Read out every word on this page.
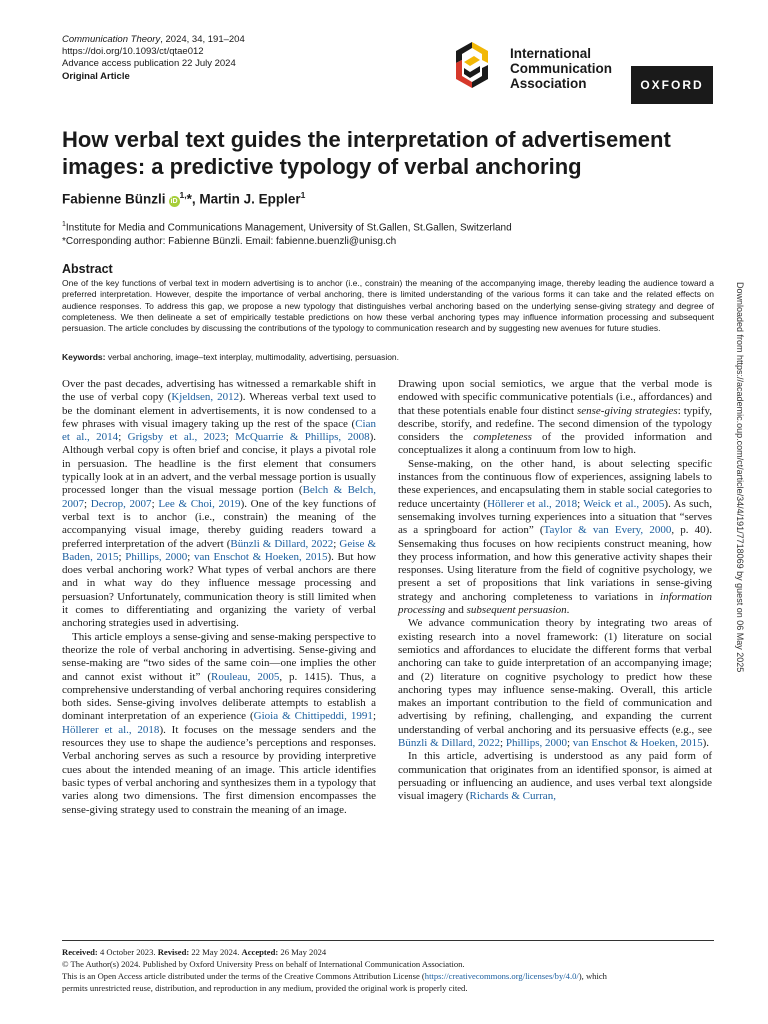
Communication Theory, 2024, 34, 191–204
https://doi.org/10.1093/ct/qtae012
Advance access publication 22 July 2024
Original Article
International
Communication
Association	OXFORD
How verbal text guides the interpretation of advertisement images: a predictive typology of verbal anchoring
Fabienne Bünzli $iD^{1,}*$, Martin J. Eppler$^1$
$^1$Institute for Media and Communications Management, University of St.Gallen, St.Gallen, Switzerland
*Corresponding author: Fabienne Bünzli. Email: fabienne.buenzli@unisg.ch
Abstract

One of the key functions of verbal text in modern advertising is to anchor (i.e., constrain) the meaning of the accompanying image, thereby leading the audience toward a preferred interpretation. However, despite the importance of verbal anchoring, there is limited understanding of the various forms it can take and the related effects on audience responses. To address this gap, we propose a new typology that distinguishes verbal anchoring based on the underlying sense-giving strategy and degree of completeness. We then delineate a set of empirically testable predictions on how these verbal anchoring types may influence information processing and subsequent persuasion. The article concludes by discussing the contributions of the typology to communication research and by suggesting new avenues for future studies.

Keywords: verbal anchoring, image–text interplay, multimodality, advertising, persuasion.

Over the past decades, advertising has witnessed a remarkable shift in the use of verbal copy (Kjeldsen, 2012). Whereas verbal text used to be the dominant element in advertisements, it is now condensed to a few phrases with visual imagery taking up the rest of the space (Cian et al., 2014; Grigsby et al., 2023; McQuarrie & Phillips, 2008). Although verbal copy is often brief and concise, it plays a pivotal role in persuasion. The headline is the first element that consumers typically look at in an advert, and the verbal message portion is usually processed longer than the visual message portion (Belch & Belch, 2007; Decrop, 2007; Lee & Choi, 2019). One of the key functions of verbal text is to anchor (i.e., constrain) the meaning of the accompanying visual image, thereby guiding readers toward a preferred interpretation of the advert (Bünzli & Dillard, 2022; Geise & Baden, 2015; Phillips, 2000; van Enschot & Hoeken, 2015). But how does verbal anchoring work? What types of verbal anchors are there and in what way do they influence message processing and persuasion? Unfortunately, communication theory is still limited when it comes to differentiating and organizing the variety of verbal anchoring strategies used in advertising.

This article employs a sense-giving and sense-making perspective to theorize the role of verbal anchoring in advertising. Sense-giving and sense-making are “two sides of the same coin—one implies the other and cannot exist without it” (Rouleau, 2005, p. 1415). Thus, a comprehensive understanding of verbal anchoring requires considering both sides. Sense-giving involves deliberate attempts to establish a dominant interpretation of an experience (Gioia & Chittipeddi, 1991; Höllerer et al., 2018). It focuses on the message senders and the resources they use to shape the audience’s perceptions and responses. Verbal anchoring serves as such a resource by providing interpretive cues about the intended meaning of an image. This article identifies basic types of verbal anchoring and synthesizes them in a typology that varies along two dimensions. The first dimension encompasses the sense-giving strategy used to constrain the meaning of an image.

Drawing upon social semiotics, we argue that the verbal mode is endowed with specific communicative potentials (i.e., affordances) and that these potentials enable four distinct sense-giving strategies: typify, describe, storify, and redefine. The second dimension of the typology considers the completeness of the provided information and conceptualizes it along a continuum from low to high.

Sense-making, on the other hand, is about selecting specific instances from the continuous flow of experiences, assigning labels to these experiences, and encapsulating them in stable social categories to reduce uncertainty (Höllerer et al., 2018; Weick et al., 2005). As such, sensemaking involves turning experiences into a situation that “serves as a springboard for action” (Taylor & van Every, 2000, p. 40). Sensemaking thus focuses on how recipients construct meaning, how they process information, and how this generative activity shapes their responses. Using literature from the field of cognitive psychology, we present a set of propositions that link variations in sense-giving strategy and anchoring completeness to variations in information processing and subsequent persuasion.

We advance communication theory by integrating two areas of existing research into a novel framework: (1) literature on social semiotics and affordances to elucidate the different forms that verbal anchoring can take to guide interpretation of an accompanying image; and (2) literature on cognitive psychology to predict how these anchoring types may influence sense-making. Overall, this article makes an important contribution to the field of communication and advertising by refining, challenging, and expanding the current understanding of verbal anchoring and its persuasive effects (e.g., see Bünzli & Dillard, 2022; Phillips, 2000; van Enschot & Hoeken, 2015).

In this article, advertising is understood as any paid form of communication that originates from an identified sponsor, is aimed at persuading or influencing an audience, and uses verbal text alongside visual imagery (Richards & Curran,

Downloaded from https://academic.oup.com/ct/article/34/4/191/7718069 by guest on 06 May 2025
Received: 4 October 2023. Revised: 22 May 2024. Accepted: 26 May 2024
© The Author(s) 2024. Published by Oxford University Press on behalf of International Communication Association.
This is an Open Access article distributed under the terms of the Creative Commons Attribution License (https://creativecommons.org/licenses/by/4.0/), which
permits unrestricted reuse, distribution, and reproduction in any medium, provided the original work is properly cited.
